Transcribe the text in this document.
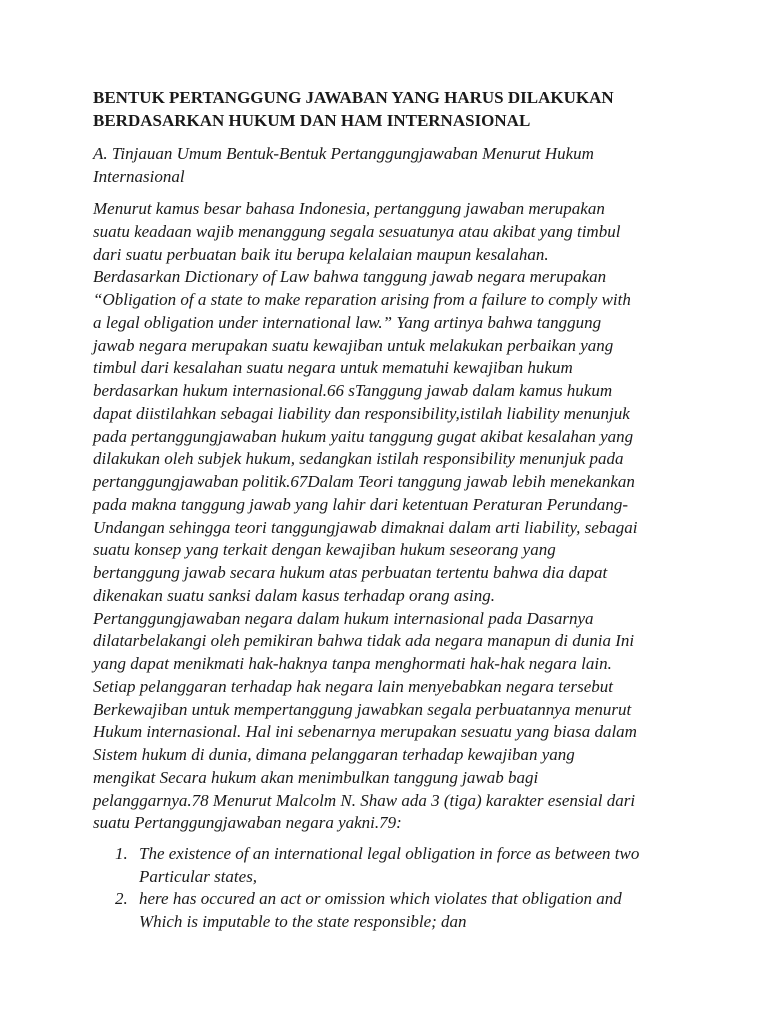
BENTUK PERTANGGUNG JAWABAN YANG HARUS DILAKUKAN
BERDASARKAN HUKUM DAN HAM INTERNASIONAL

A. Tinjauan Umum Bentuk-Bentuk Pertanggungjawaban Menurut Hukum
Internasional

Menurut kamus besar bahasa Indonesia, pertanggung jawaban merupakan
suatu keadaan wajib menanggung segala sesuatunya atau akibat yang timbul
dari suatu perbuatan baik itu berupa kelalaian maupun kesalahan.
Berdasarkan Dictionary of Law bahwa tanggung jawab negara merupakan
“Obligation of a state to make reparation arising from a failure to comply with
a legal obligation under international law.” Yang artinya bahwa tanggung
jawab negara merupakan suatu kewajiban untuk melakukan perbaikan yang
timbul dari kesalahan suatu negara untuk mematuhi kewajiban hukum
berdasarkan hukum internasional.66 sTanggung jawab dalam kamus hukum
dapat diistilahkan sebagai liability dan responsibility,istilah liability menunjuk
pada pertanggungjawaban hukum yaitu tanggung gugat akibat kesalahan yang
dilakukan oleh subjek hukum, sedangkan istilah responsibility menunjuk pada
pertanggungjawaban politik.67Dalam Teori tanggung jawab lebih menekankan
pada makna tanggung jawab yang lahir dari ketentuan Peraturan Perundang-
Undangan sehingga teori tanggungjawab dimaknai dalam arti liability, sebagai
suatu konsep yang terkait dengan kewajiban hukum seseorang yang
bertanggung jawab secara hukum atas perbuatan tertentu bahwa dia dapat
dikenakan suatu sanksi dalam kasus terhadap orang asing.
Pertanggungjawaban negara dalam hukum internasional pada Dasarnya
dilatarbelakangi oleh pemikiran bahwa tidak ada negara manapun di dunia Ini
yang dapat menikmati hak-haknya tanpa menghormati hak-hak negara lain.
Setiap pelanggaran terhadap hak negara lain menyebabkan negara tersebut
Berkewajiban untuk mempertanggung jawabkan segala perbuatannya menurut
Hukum internasional. Hal ini sebenarnya merupakan sesuatu yang biasa dalam
Sistem hukum di dunia, dimana pelanggaran terhadap kewajiban yang
mengikat Secara hukum akan menimbulkan tanggung jawab bagi
pelanggarnya.78 Menurut Malcolm N. Shaw ada 3 (tiga) karakter esensial dari
suatu Pertanggungjawaban negara yakni.79:

1. The existence of an international legal obligation in force as between two
Particular states,
2. here has occured an act or omission which violates that obligation and
Which is imputable to the state responsible; dan
